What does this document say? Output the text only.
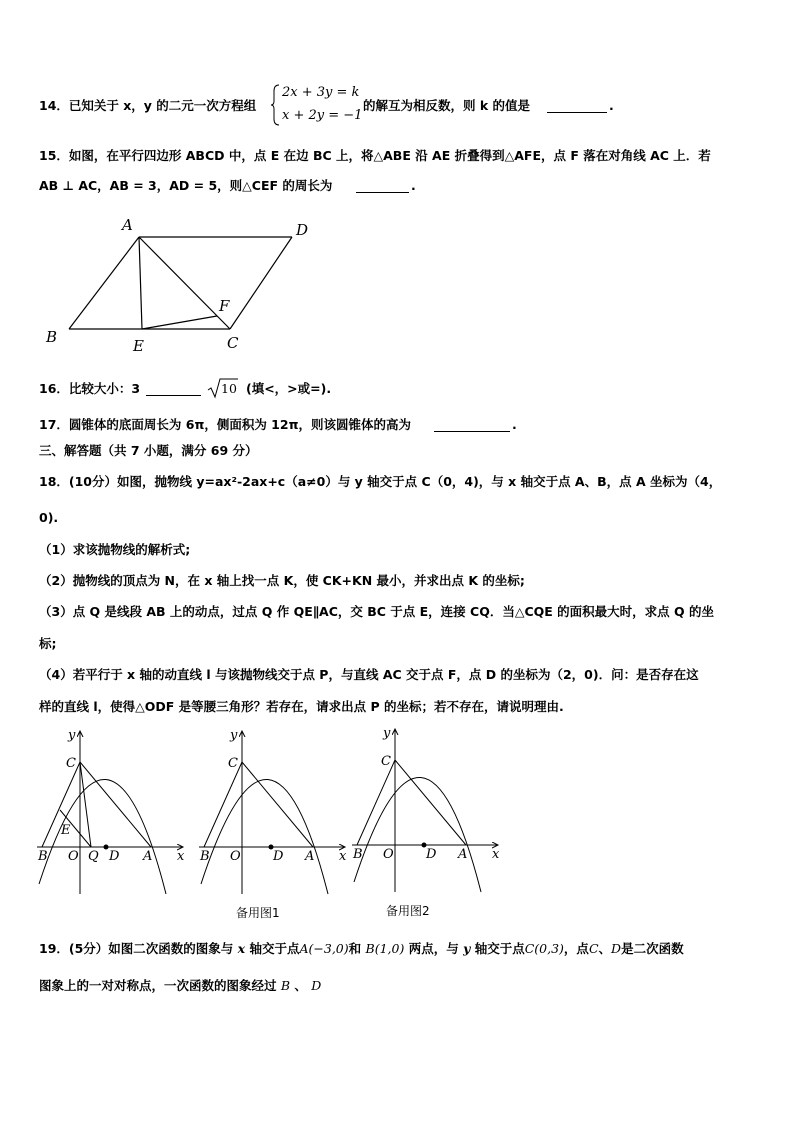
14．已知关于 x，y 的二元一次方程组
2x + 3y = k
x + 2y = −1
的解互为相反数，则 k 的值是	.
15．如图，在平行四边形 ABCD 中，点 E 在边 BC 上，将△ABE 沿 AE 折叠得到△AFE，点 F 落在对角线 AC 上．若
AB ⊥ AC，AB = 3，AD = 5，则△CEF 的周长为	.
A	D
B	E	C
F
16．比较大小：3	10 (填<，>或=).
17．圆锥体的底面周长为 6π，侧面积为 12π，则该圆锥体的高为	.
三、解答题（共 7 小题，满分 69 分）
18．(10分）如图，抛物线 y=ax²-2ax+c（a≠0）与 y 轴交于点 C（0，4)，与 x 轴交于点 A、B，点 A 坐标为（4，
0).
（1）求该抛物线的解析式;
（2）抛物线的顶点为 N，在 x 轴上找一点 K，使 CK+KN 最小，并求出点 K 的坐标;
（3）点 Q 是线段 AB 上的动点，过点 Q 作 QE∥AC，交 BC 于点 E，连接 CQ．当△CQE 的面积最大时，求点 Q 的坐
标;
（4）若平行于 x 轴的动直线 l 与该抛物线交于点 P，与直线 AC 交于点 F，点 D 的坐标为（2，0)．问：是否存在这
样的直线 l，使得△ODF 是等腰三角形？若存在，请求出点 P 的坐标；若不存在，请说明理由.
y
x
C
E
B O Q D A
y
x
C
B O D A
备用图1
y
x
C
B O D A
备用图2
19．(5分）如图二次函数的图象与 x 轴交于点A(−3,0)和 B(1,0) 两点，与 y 轴交于点C(0,3)，点C、D是二次函数
图象上的一对对称点，一次函数的图象经过 B 、 D
